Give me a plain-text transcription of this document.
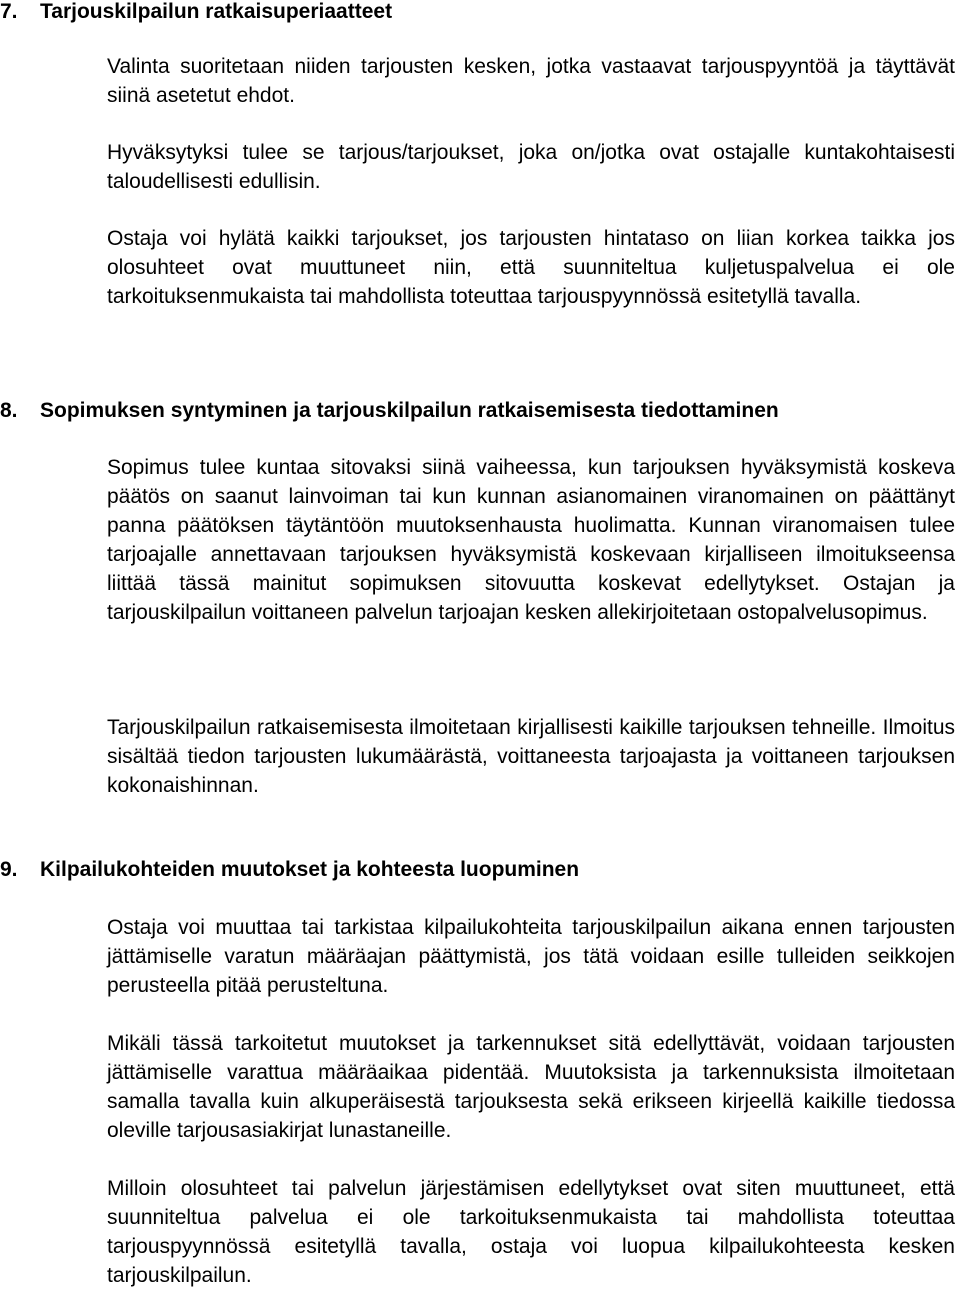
7. Tarjouskilpailun ratkaisuperiaatteet

Valinta suoritetaan niiden tarjousten kesken, jotka vastaavat tarjouspyyntöä ja täyttävät siinä asetetut ehdot.

Hyväksytyksi tulee se tarjous/tarjoukset, joka on/jotka ovat ostajalle kuntakohtaisesti taloudellisesti edullisin.

Ostaja voi hylätä kaikki tarjoukset, jos tarjousten hintataso on liian korkea taikka jos olosuhteet ovat muuttuneet niin, että suunniteltua kuljetuspalvelua ei ole tarkoituksenmukaista tai mahdollista toteuttaa tarjouspyynnössä esitetyllä tavalla.

8. Sopimuksen syntyminen ja tarjouskilpailun ratkaisemisesta tiedottaminen

Sopimus tulee kuntaa sitovaksi siinä vaiheessa, kun tarjouksen hyväksymistä koskeva päätös on saanut lainvoiman tai kun kunnan asianomainen viranomainen on päättänyt panna päätöksen täytäntöön muutoksenhausta huolimatta. Kunnan viranomaisen tulee tarjoajalle annettavaan tarjouksen hyväksymistä koskevaan kirjalliseen ilmoitukseensa liittää tässä mainitut sopimuksen sitovuutta koskevat edellytykset. Ostajan ja tarjouskilpailun voittaneen palvelun tarjoajan kesken allekirjoitetaan ostopalvelusopimus.

Tarjouskilpailun ratkaisemisesta ilmoitetaan kirjallisesti kaikille tarjouksen tehneille. Ilmoitus sisältää tiedon tarjousten lukumäärästä, voittaneesta tarjoajasta ja voittaneen tarjouksen kokonaishinnan.

9. Kilpailukohteiden muutokset ja kohteesta luopuminen

Ostaja voi muuttaa tai tarkistaa kilpailukohteita tarjouskilpailun aikana ennen tarjousten jättämiselle varatun määräajan päättymistä, jos tätä voidaan esille tulleiden seikkojen perusteella pitää perusteltuna.

Mikäli tässä tarkoitetut muutokset ja tarkennukset sitä edellyttävät, voidaan tarjousten jättämiselle varattua määräaikaa pidentää. Muutoksista ja tarkennuksista ilmoitetaan samalla tavalla kuin alkuperäisestä tarjouksesta sekä erikseen kirjeellä kaikille tiedossa oleville tarjousasiakirjat lunastaneille.

Milloin olosuhteet tai palvelun järjestämisen edellytykset ovat siten muuttuneet, että suunniteltua palvelua ei ole tarkoituksenmukaista tai mahdollista toteuttaa tarjouspyynnössä esitetyllä tavalla, ostaja voi luopua kilpailukohteesta kesken tarjouskilpailun.
